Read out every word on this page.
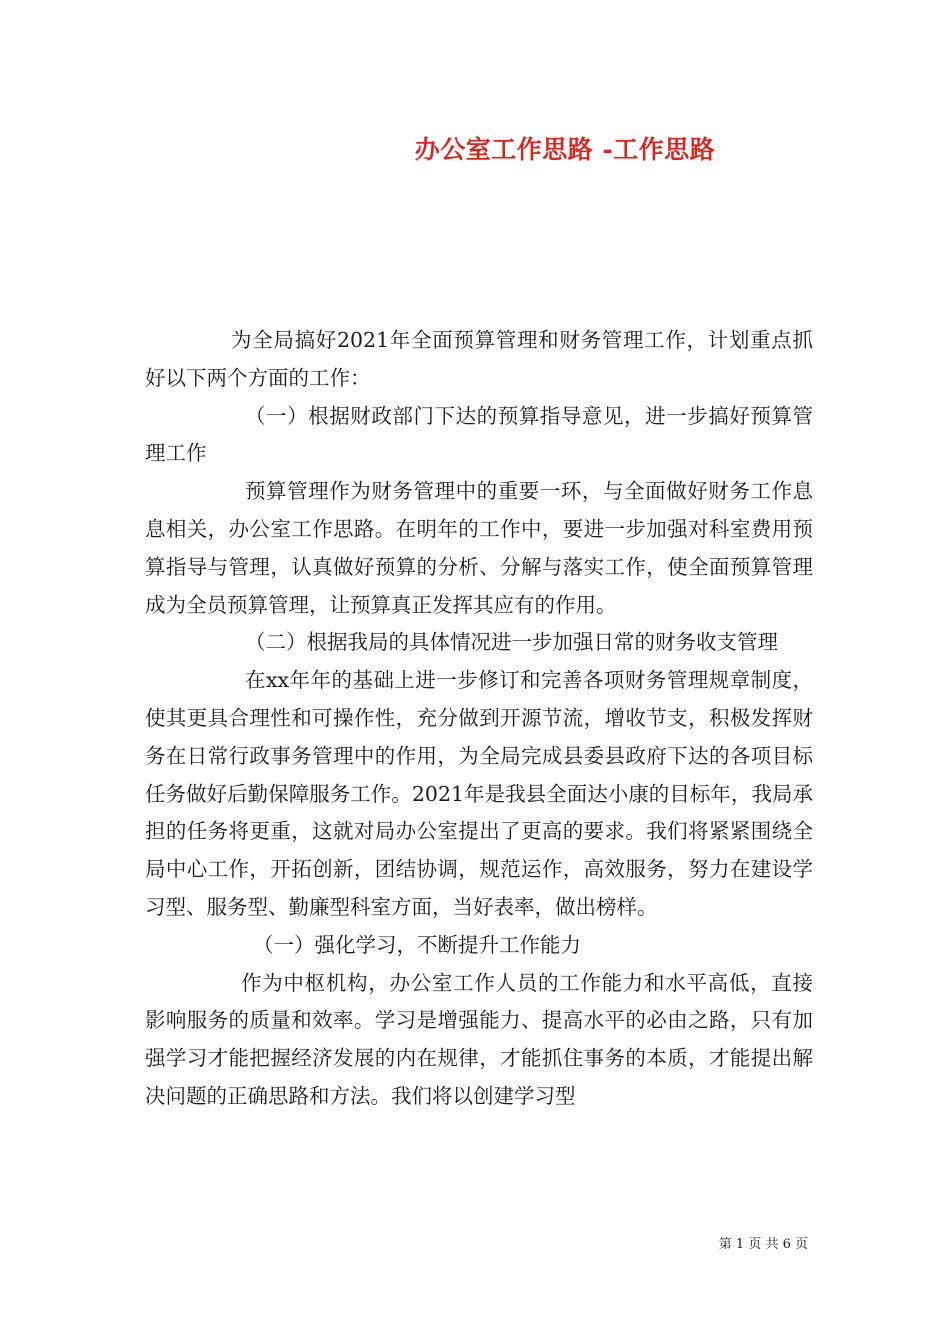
办公室工作思路 -工作思路

为全局搞好2021年全面预算管理和财务管理工作，计划重点抓好以下两个方面的工作：

（一）根据财政部门下达的预算指导意见，进一步搞好预算管理工作

预算管理作为财务管理中的重要一环，与全面做好财务工作息息相关，办公室工作思路。在明年的工作中，要进一步加强对科室费用预算指导与管理，认真做好预算的分析、分解与落实工作，使全面预算管理成为全员预算管理，让预算真正发挥其应有的作用。

（二）根据我局的具体情况进一步加强日常的财务收支管理

在xx年年的基础上进一步修订和完善各项财务管理规章制度，使其更具合理性和可操作性，充分做到开源节流，增收节支，积极发挥财务在日常行政事务管理中的作用，为全局完成县委县政府下达的各项目标任务做好后勤保障服务工作。2021年是我县全面达小康的目标年，我局承担的任务将更重，这就对局办公室提出了更高的要求。我们将紧紧围绕全局中心工作，开拓创新，团结协调，规范运作，高效服务，努力在建设学习型、服务型、勤廉型科室方面，当好表率，做出榜样。

（一）强化学习，不断提升工作能力

作为中枢机构，办公室工作人员的工作能力和水平高低，直接影响服务的质量和效率。学习是增强能力、提高水平的必由之路，只有加强学习才能把握经济发展的内在规律，才能抓住事务的本质，才能提出解决问题的正确思路和方法。我们将以创建学习型

第 1 页 共 6 页
